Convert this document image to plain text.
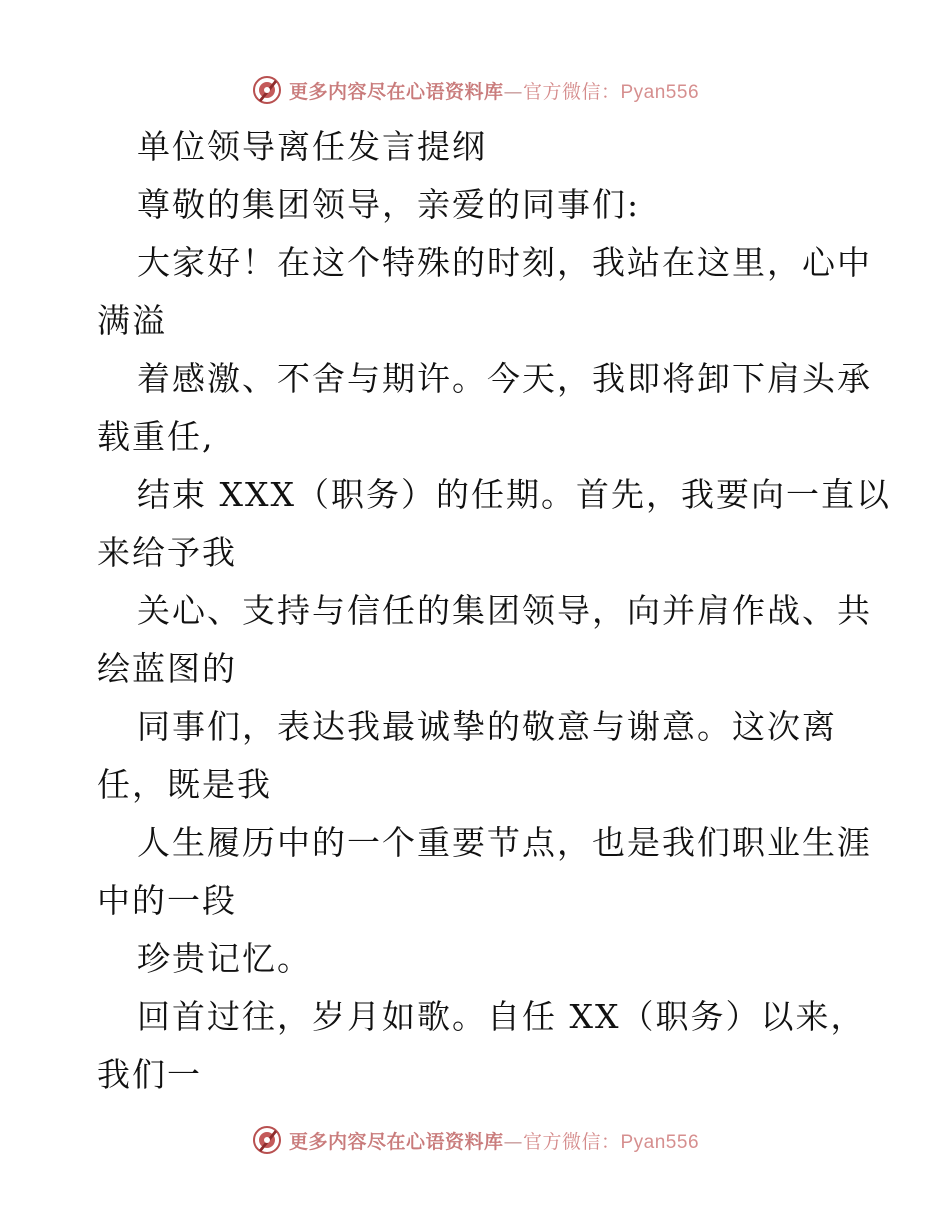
更多内容尽在心语资料库—官方微信：Pyan556
单位领导离任发言提纲
尊敬的集团领导，亲爱的同事们:
大家好！在这个特殊的时刻，我站在这里，心中
满溢
着感激、不舍与期许。今天，我即将卸下肩头承
载重任,
结束 XXX（职务）的任期。首先，我要向一直以
来给予我
关心、支持与信任的集团领导，向并肩作战、共
绘蓝图的
同事们，表达我最诚挚的敬意与谢意。这次离
任，既是我
人生履历中的一个重要节点，也是我们职业生涯
中的一段
珍贵记忆。
回首过往，岁月如歌。自任 XX（职务）以来，
我们一
更多内容尽在心语资料库—官方微信：Pyan556
